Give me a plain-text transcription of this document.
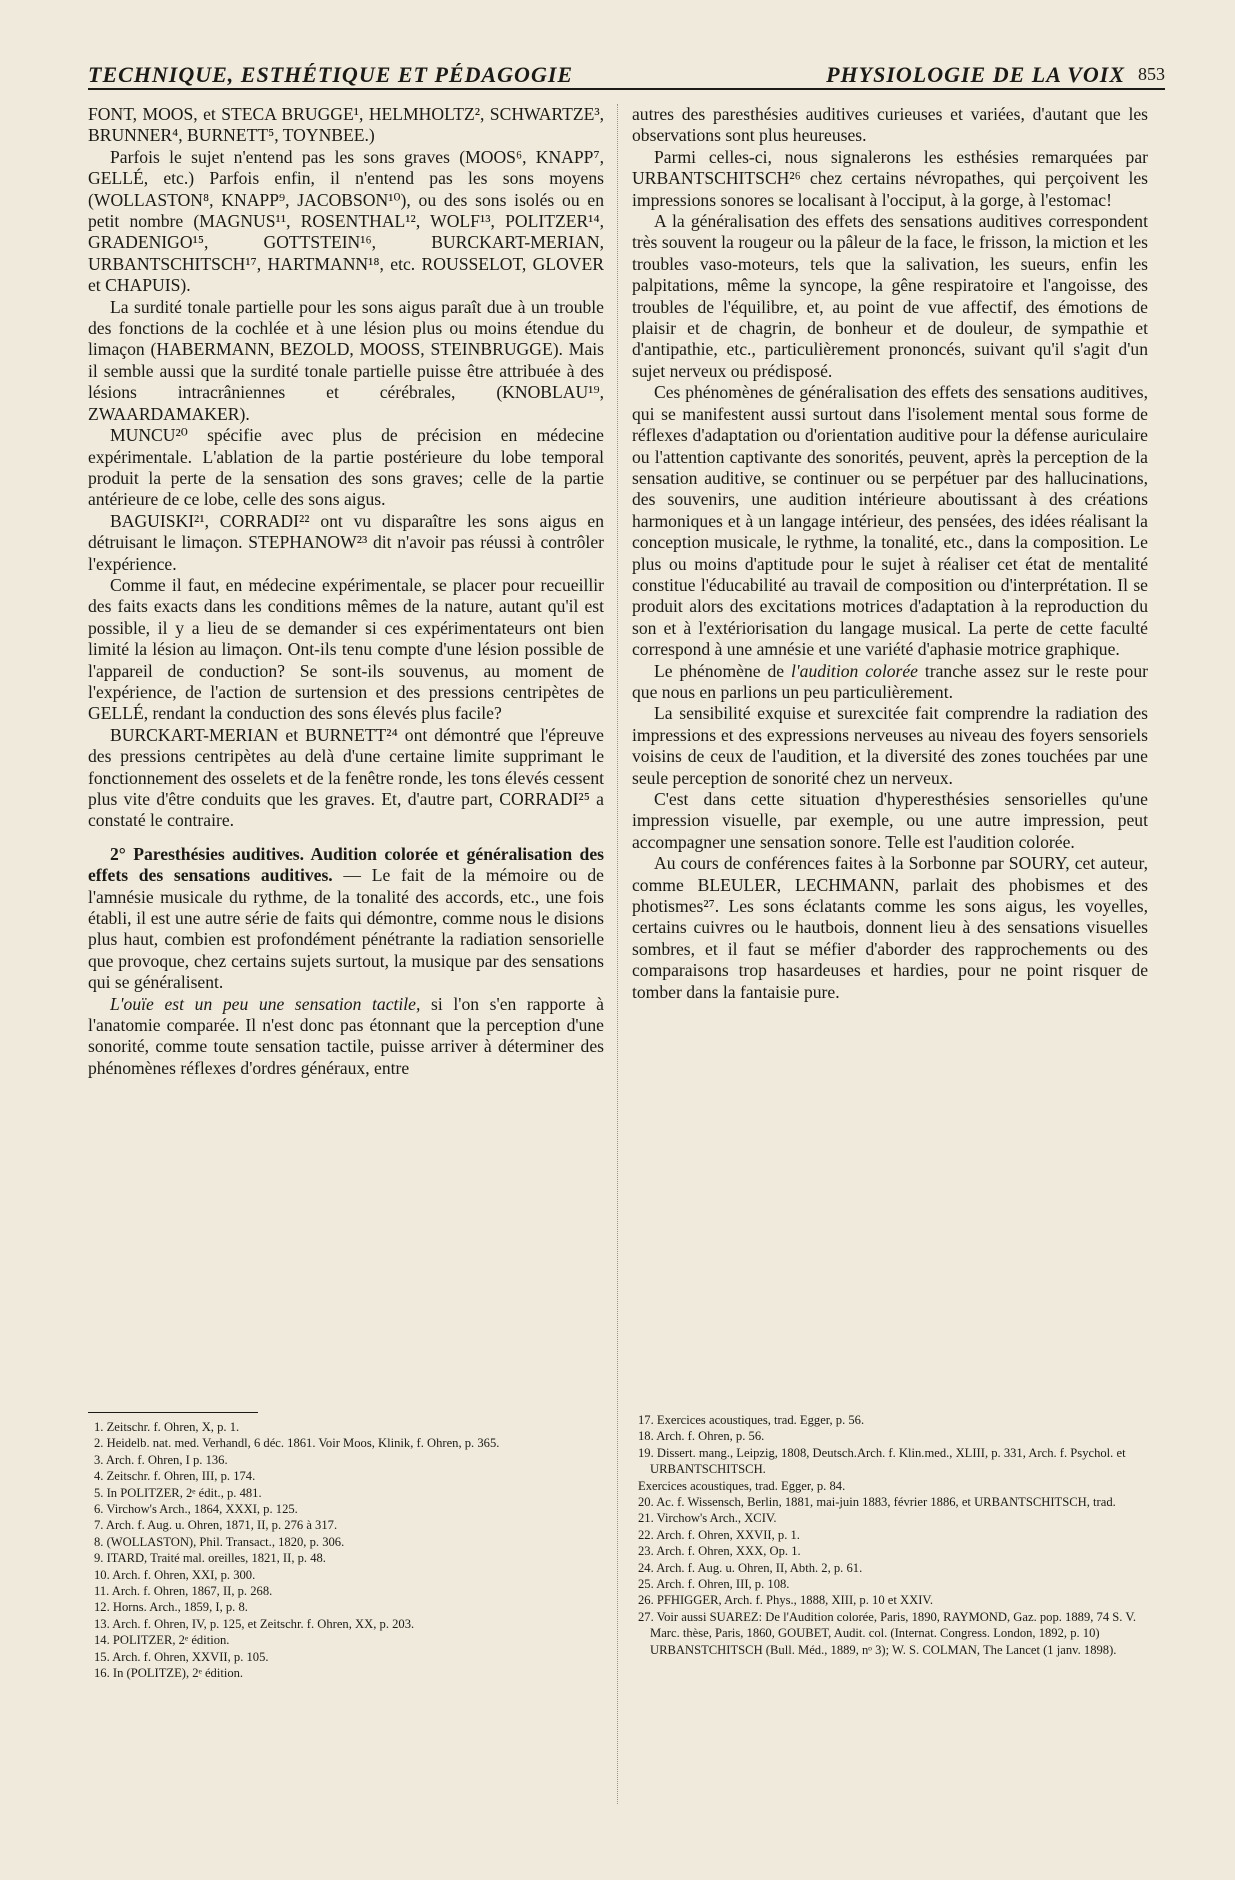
TECHNIQUE, ESTHÉTIQUE ET PÉDAGOGIE	PHYSIOLOGIE DE LA VOIX 853

FONT, MOOS, et STECA BRUGGE¹, HELMHOLTZ², SCHWARTZE³, BRUNNER⁴, BURNETT⁵, TOYNBEE.)

Parfois le sujet n'entend pas les sons graves (MOOS⁶, KNAPP⁷, GELLÉ, etc.) Parfois enfin, il n'entend pas les sons moyens (WOLLASTON⁸, KNAPP⁹, JACOBSON¹⁰), ou des sons isolés ou en petit nombre (MAGNUS¹¹, ROSENTHAL¹², WOLF¹³, POLITZER¹⁴, GRADENIGO¹⁵, GOTTSTEIN¹⁶, BURCKART-MERIAN, URBANTSCHITSCH¹⁷, HARTMANN¹⁸, etc. ROUSSELOT, GLOVER et CHAPUIS).

La surdité tonale partielle pour les sons aigus paraît due à un trouble des fonctions de la cochlée et à une lésion plus ou moins étendue du limaçon (HABERMANN, BEZOLD, MOOSS, STEINBRUGGE). Mais il semble aussi que la surdité tonale partielle puisse être attribuée à des lésions intracrâniennes et cérébrales, (KNOBLAU¹⁹, ZWAARDAMAKER).

MUNCU²⁰ spécifie avec plus de précision en médecine expérimentale. L'ablation de la partie postérieure du lobe temporal produit la perte de la sensation des sons graves; celle de la partie antérieure de ce lobe, celle des sons aigus.

BAGUISKI²¹, CORRADI²² ont vu disparaître les sons aigus en détruisant le limaçon. STEPHANOW²³ dit n'avoir pas réussi à contrôler l'expérience.

Comme il faut, en médecine expérimentale, se placer pour recueillir des faits exacts dans les conditions mêmes de la nature, autant qu'il est possible, il y a lieu de se demander si ces expérimentateurs ont bien limité la lésion au limaçon. Ont-ils tenu compte d'une lésion possible de l'appareil de conduction? Se sont-ils souvenus, au moment de l'expérience, de l'action de surtension et des pressions centripètes de GELLÉ, rendant la conduction des sons élevés plus facile?

BURCKART-MERIAN et BURNETT²⁴ ont démontré que l'épreuve des pressions centripètes au delà d'une certaine limite supprimant le fonctionnement des osselets et de la fenêtre ronde, les tons élevés cessent plus vite d'être conduits que les graves. Et, d'autre part, CORRADI²⁵ a constaté le contraire.

2° Paresthésies auditives. Audition colorée et généralisation des effets des sensations auditives. — Le fait de la mémoire ou de l'amnésie musicale du rythme, de la tonalité des accords, etc., une fois établi, il est une autre série de faits qui démontre, comme nous le disions plus haut, combien est profondément pénétrante la radiation sensorielle que provoque, chez certains sujets surtout, la musique par des sensations qui se généralisent.

L'ouïe est un peu une sensation tactile, si l'on s'en rapporte à l'anatomie comparée. Il n'est donc pas étonnant que la perception d'une sonorité, comme toute sensation tactile, puisse arriver à déterminer des phénomènes réflexes d'ordres généraux, entre

autres des paresthésies auditives curieuses et variées, d'autant que les observations sont plus heureuses.

Parmi celles-ci, nous signalerons les esthésies remarquées par URBANTSCHITSCH²⁶ chez certains névropathes, qui perçoivent les impressions sonores se localisant à l'occiput, à la gorge, à l'estomac!

A la généralisation des effets des sensations auditives correspondent très souvent la rougeur ou la pâleur de la face, le frisson, la miction et les troubles vaso-moteurs, tels que la salivation, les sueurs, enfin les palpitations, même la syncope, la gêne respiratoire et l'angoisse, des troubles de l'équilibre, et, au point de vue affectif, des émotions de plaisir et de chagrin, de bonheur et de douleur, de sympathie et d'antipathie, etc., particulièrement prononcés, suivant qu'il s'agit d'un sujet nerveux ou prédisposé.

Ces phénomènes de généralisation des effets des sensations auditives, qui se manifestent aussi surtout dans l'isolement mental sous forme de réflexes d'adaptation ou d'orientation auditive pour la défense auriculaire ou l'attention captivante des sonorités, peuvent, après la perception de la sensation auditive, se continuer ou se perpétuer par des hallucinations, des souvenirs, une audition intérieure aboutissant à des créations harmoniques et à un langage intérieur, des pensées, des idées réalisant la conception musicale, le rythme, la tonalité, etc., dans la composition. Le plus ou moins d'aptitude pour le sujet à réaliser cet état de mentalité constitue l'éducabilité au travail de composition ou d'interprétation. Il se produit alors des excitations motrices d'adaptation à la reproduction du son et à l'extériorisation du langage musical. La perte de cette faculté correspond à une amnésie et une variété d'aphasie motrice graphique.

Le phénomène de l'audition colorée tranche assez sur le reste pour que nous en parlions un peu particulièrement.

La sensibilité exquise et surexcitée fait comprendre la radiation des impressions et des expressions nerveuses au niveau des foyers sensoriels voisins de ceux de l'audition, et la diversité des zones touchées par une seule perception de sonorité chez un nerveux.

C'est dans cette situation d'hyperesthésies sensorielles qu'une impression visuelle, par exemple, ou une autre impression, peut accompagner une sensation sonore. Telle est l'audition colorée.

Au cours de conférences faites à la Sorbonne par SOURY, cet auteur, comme BLEULER, LECHMANN, parlait des phobismes et des photismes²⁷. Les sons éclatants comme les sons aigus, les voyelles, certains cuivres ou le hautbois, donnent lieu à des sensations visuelles sombres, et il faut se méfier d'aborder des rapprochements ou des comparaisons trop hasardeuses et hardies, pour ne point risquer de tomber dans la fantaisie pure.

1. Zeitschr. f. Ohren, X, p. 1.
2. Heidelb. nat. med. Verhandl, 6 déc. 1861. Voir Moos, Klinik, f. Ohren, p. 365.
3. Arch. f. Ohren, I p. 136.
4. Zeitschr. f. Ohren, III, p. 174.
5. In POLITZER, 2ᵉ édit., p. 481.
6. Virchow's Arch., 1864, XXXI, p. 125.
7. Arch. f. Aug. u. Ohren, 1871, II, p. 276 à 317.
8. (WOLLASTON), Phil. Transact., 1820, p. 306.
9. ITARD, Traité mal. oreilles, 1821, II, p. 48.
10. Arch. f. Ohren, XXI, p. 300.
11. Arch. f. Ohren, 1867, II, p. 268.
12. Horns. Arch., 1859, I, p. 8.
13. Arch. f. Ohren, IV, p. 125, et Zeitschr. f. Ohren, XX, p. 203.
14. POLITZER, 2ᵉ édition.
15. Arch. f. Ohren, XXVII, p. 105.
16. In (POLITZE), 2ᵉ édition.
17. Exercices acoustiques, trad. Egger, p. 56.
18. Arch. f. Ohren, p. 56.
19. Dissert. mang., Leipzig, 1808, Deutsch.Arch. f. Klin.med., XLIII, p. 331, Arch. f. Psychol. et URBANTSCHITSCH.
Exercices acoustiques, trad. Egger, p. 84.
20. Ac. f. Wissensch, Berlin, 1881, mai-juin 1883, février 1886, et URBANTSCHITSCH, trad.
21. Virchow's Arch., XCIV.
22. Arch. f. Ohren, XXVII, p. 1.
23. Arch. f. Ohren, XXX, Op. 1.
24. Arch. f. Aug. u. Ohren, II, Abth. 2, p. 61.
25. Arch. f. Ohren, III, p. 108.
26. PFHIGGER, Arch. f. Phys., 1888, XIII, p. 10 et XXIV.
27. Voir aussi SUAREZ: De l'Audition colorée, Paris, 1890, RAYMOND, Gaz. pop. 1889, 74 S. V. Marc. thèse, Paris, 1860, GOUBET, Audit. col. (Internat. Congress. London, 1892, p. 10) URBANSTCHITSCH (Bull. Méd., 1889, nᵒ 3); W. S. COLMAN, The Lancet (1 janv. 1898).
